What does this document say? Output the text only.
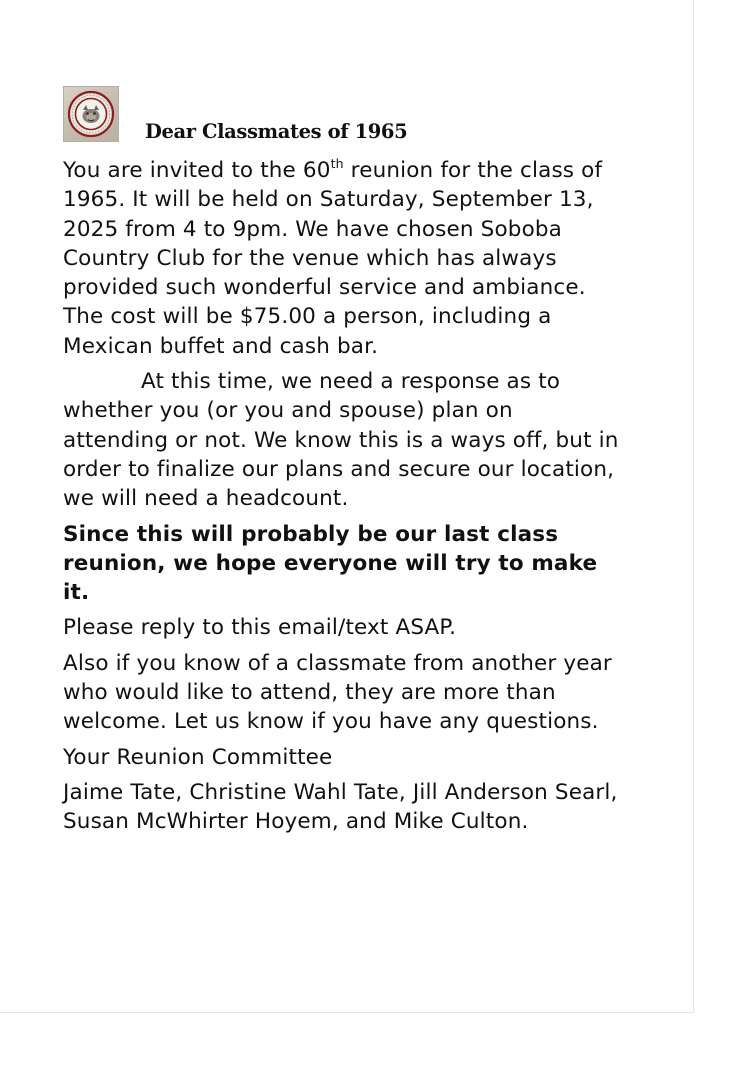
Dear Classmates of 1965

You are invited to the 60th reunion for the class of 1965. It will be held on Saturday, September 13, 2025 from 4 to 9pm. We have chosen Soboba Country Club for the venue which has always provided such wonderful service and ambiance. The cost will be $75.00 a person, including a Mexican buffet and cash bar.

At this time, we need a response as to whether you (or you and spouse) plan on attending or not. We know this is a ways off, but in order to finalize our plans and secure our location, we will need a headcount.

Since this will probably be our last class reunion, we hope everyone will try to make it.

Please reply to this email/text ASAP.

Also if you know of a classmate from another year who would like to attend, they are more than welcome. Let us know if you have any questions.

Your Reunion Committee

Jaime Tate, Christine Wahl Tate, Jill Anderson Searl, Susan McWhirter Hoyem, and Mike Culton.
